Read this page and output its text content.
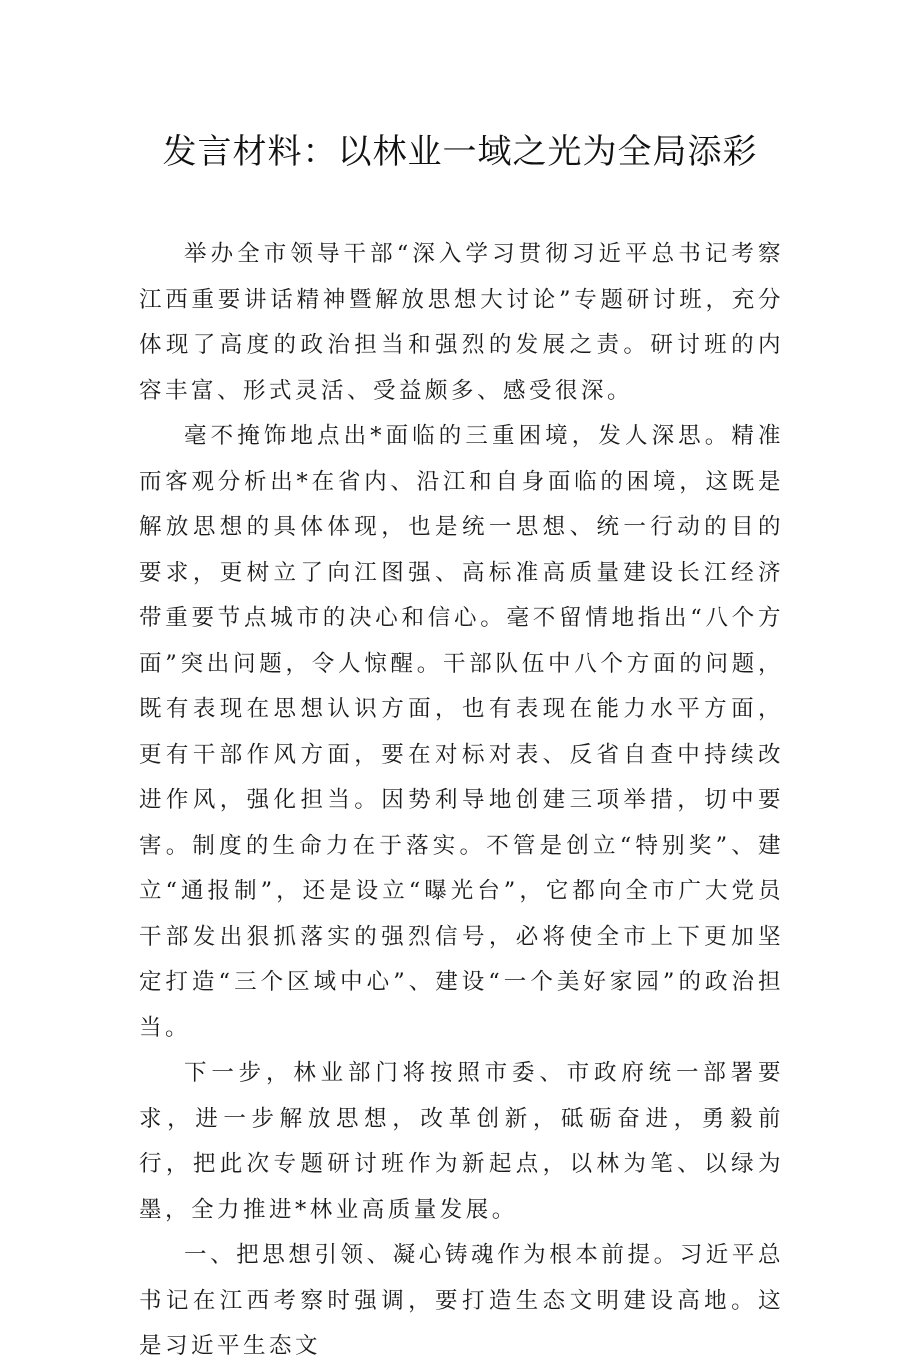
发言材料：以林业一域之光为全局添彩

举办全市领导干部“深入学习贯彻习近平总书记考察江西重要讲话精神暨解放思想大讨论”专题研讨班，充分体现了高度的政治担当和强烈的发展之责。研讨班的内容丰富、形式灵活、受益颇多、感受很深。

毫不掩饰地点出*面临的三重困境，发人深思。精准而客观分析出*在省内、沿江和自身面临的困境，这既是解放思想的具体体现，也是统一思想、统一行动的目的要求，更树立了向江图强、高标准高质量建设长江经济带重要节点城市的决心和信心。毫不留情地指出“八个方面”突出问题，令人惊醒。干部队伍中八个方面的问题，既有表现在思想认识方面，也有表现在能力水平方面，更有干部作风方面，要在对标对表、反省自查中持续改进作风，强化担当。因势利导地创建三项举措，切中要害。制度的生命力在于落实。不管是创立“特别奖”、建立“通报制”，还是设立“曝光台”，它都向全市广大党员干部发出狠抓落实的强烈信号，必将使全市上下更加坚定打造“三个区域中心”、建设“一个美好家园”的政治担当。

下一步，林业部门将按照市委、市政府统一部署要求，进一步解放思想，改革创新，砥砺奋进，勇毅前行，把此次专题研讨班作为新起点，以林为笔、以绿为墨，全力推进*林业高质量发展。

一、把思想引领、凝心铸魂作为根本前提。习近平总书记在江西考察时强调，要打造生态文明建设高地。这是习近平生态文
